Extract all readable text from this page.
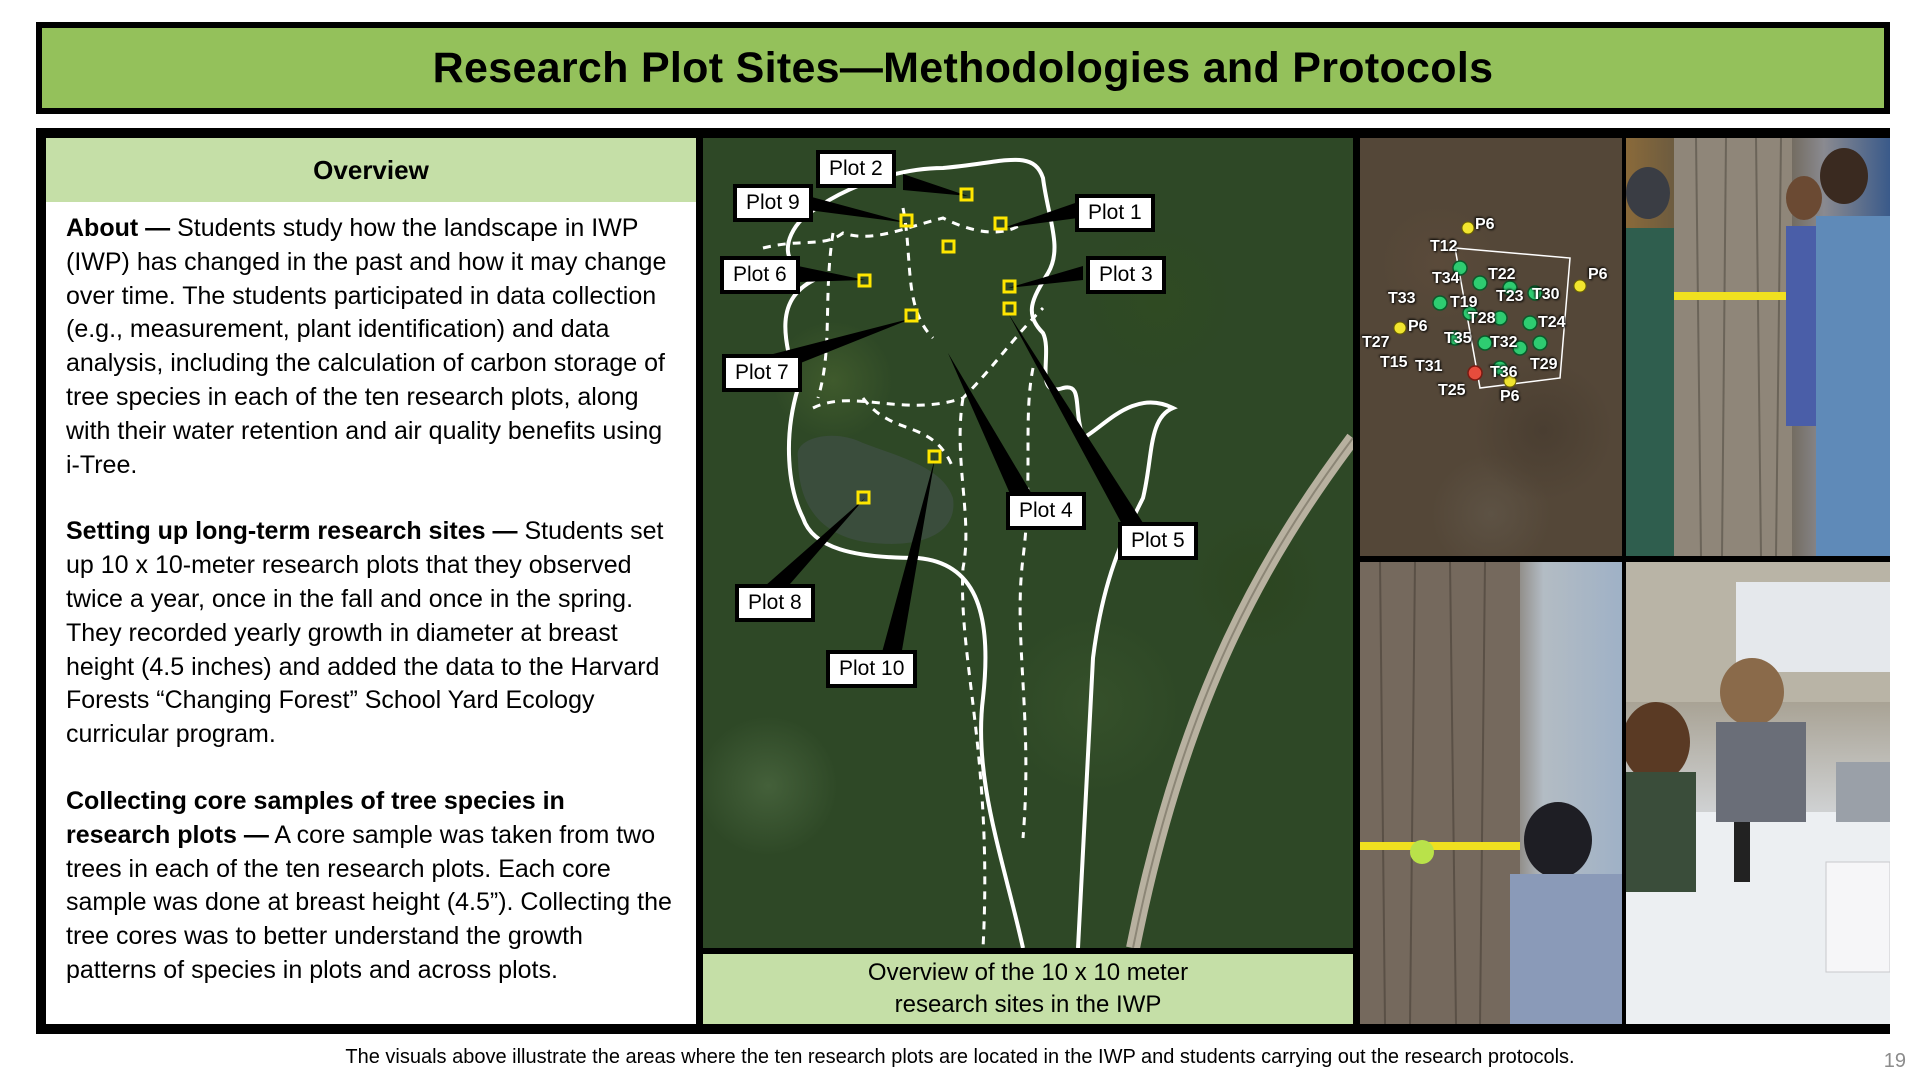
Research Plot Sites—Methodologies and Protocols
Overview

About — Students study how the landscape in IWP (IWP) has changed in the past and how it may change over time. The students participated in data collection (e.g., measurement, plant identification) and data analysis, including the calculation of carbon storage of tree species in each of the ten research plots, along with their water retention and air quality benefits using
i-Tree.

Setting up long-term research sites — Students set up 10 x 10-meter research plots that they observed twice a year, once in the fall and once in the spring. They recorded yearly growth in diameter at breast height (4.5 inches) and added the data to the Harvard Forests “Changing Forest” School Yard Ecology curricular program.

Collecting core samples of tree species in research plots — A core sample was taken from two trees in each of the ten research plots. Each core sample was done at breast height (4.5”). Collecting the tree cores was to better understand the growth patterns of species in plots and across plots.

Plot 2
Plot 9	Plot 1
Plot 6	Plot 3
Plot 7
Plot 4
Plot 5
Plot 8
Plot 10
Overview of the 10 x 10 meter
research sites in the IWP
P6
T12
P6
T34 T22
T33 T19 T23 T30
T28
P6	T24
T27	T35 T32
T15 T31	T29
T36
T25 P6
The visuals above illustrate the areas where the ten research plots are located in the IWP and students carrying out the research protocols.	19
